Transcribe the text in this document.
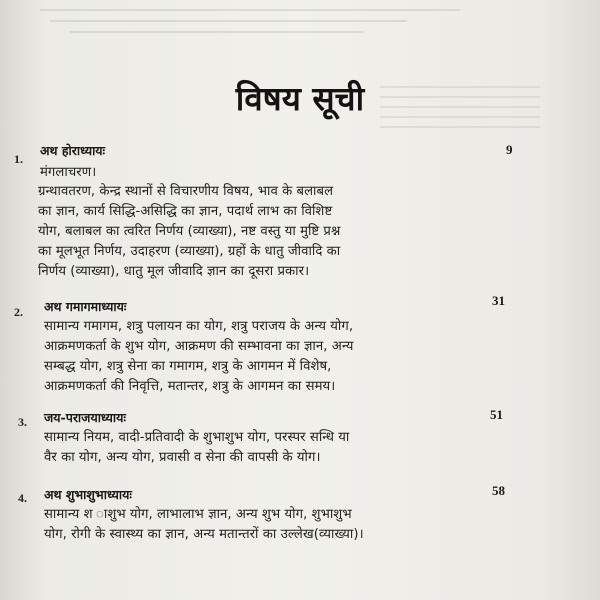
विषय सूची
1.
अथ होराध्यायः	9
मंगलाचरण।
ग्रन्थावतरण, केन्द्र स्थानों से विचारणीय विषय, भाव के बलाबल
का ज्ञान, कार्य सिद्धि-असिद्धि का ज्ञान, पदार्थ लाभ का विशिष्ट
योग, बलाबल का त्वरित निर्णय (व्याख्या), नष्ट वस्तु या मुष्टि प्रश्न
का मूलभूत निर्णय, उदाहरण (व्याख्या), ग्रहों के धातु जीवादि का
निर्णय (व्याख्या), धातु मूल जीवादि ज्ञान का दूसरा प्रकार।
2. अथ गमागमाध्यायः	31
सामान्य गमागम, शत्रु पलायन का योग, शत्रु पराजय के अन्य योग,
आक्रमणकर्ता के शुभ योग, आक्रमण की सम्भावना का ज्ञान, अन्य
सम्बद्ध योग, शत्रु सेना का गमागम, शत्रु के आगमन में विशेष,
आक्रमणकर्ता की निवृत्ति, मतान्तर, शत्रु के आगमन का समय।
3. जय-पराजयाध्यायः	51
सामान्य नियम, वादी-प्रतिवादी के शुभाशुभ योग, परस्पर सन्धि या
वैर का योग, अन्य योग, प्रवासी व सेना की वापसी के योग।
4. अथ शुभाशुभाध्यायः	58
सामान्य श ाशुभ योग, लाभालाभ ज्ञान, अन्य शुभ योग, शुभाशुभ
योग, रोगी के स्वास्थ्य का ज्ञान, अन्य मतान्तरों का उल्लेख(व्याख्या)।
